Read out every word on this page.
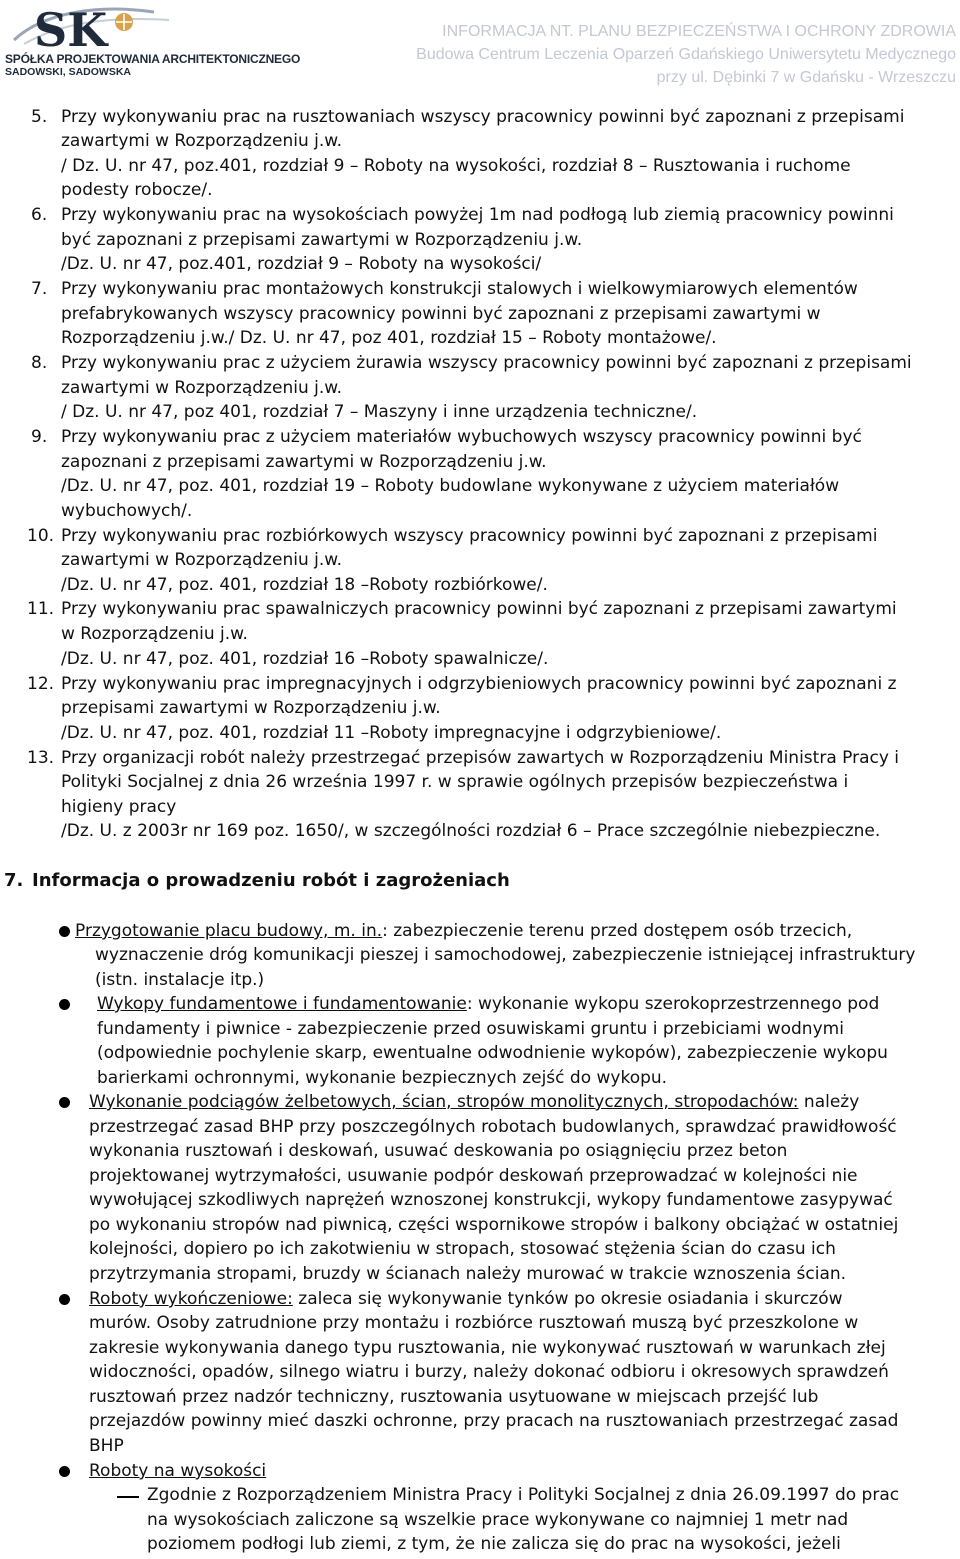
SK
SPÓŁKA PROJEKTOWANIA ARCHITEKTONICZNEGO
SADOWSKI, SADOWSKA
INFORMACJA NT. PLANU BEZPIECZEŃSTWA I OCHRONY ZDROWIA
Budowa Centrum Leczenia Oparzeń Gdańskiego Uniwersytetu Medycznego
przy ul. Dębinki 7 w Gdańsku - Wrzeszczu
5. Przy wykonywaniu prac na rusztowaniach wszyscy pracownicy powinni być zapoznani z przepisami
zawartymi w Rozporządzeniu j.w.
/ Dz. U. nr 47, poz.401, rozdział 9 – Roboty na wysokości, rozdział 8 – Rusztowania i ruchome
podesty robocze/.
6. Przy wykonywaniu prac na wysokościach powyżej 1m nad podłogą lub ziemią pracownicy powinni
być zapoznani z przepisami zawartymi w Rozporządzeniu j.w.
/Dz. U. nr 47, poz.401, rozdział 9 – Roboty na wysokości/
7. Przy wykonywaniu prac montażowych konstrukcji stalowych i wielkowymiarowych elementów
prefabrykowanych wszyscy pracownicy powinni być zapoznani z przepisami zawartymi w
Rozporządzeniu j.w./ Dz. U. nr 47, poz 401, rozdział 15 – Roboty montażowe/.
8. Przy wykonywaniu prac z użyciem żurawia wszyscy pracownicy powinni być zapoznani z przepisami
zawartymi w Rozporządzeniu j.w.
/ Dz. U. nr 47, poz 401, rozdział 7 – Maszyny i inne urządzenia techniczne/.
9. Przy wykonywaniu prac z użyciem materiałów wybuchowych wszyscy pracownicy powinni być
zapoznani z przepisami zawartymi w Rozporządzeniu j.w.
/Dz. U. nr 47, poz. 401, rozdział 19 – Roboty budowlane wykonywane z użyciem materiałów
wybuchowych/.
10. Przy wykonywaniu prac rozbiórkowych wszyscy pracownicy powinni być zapoznani z przepisami
zawartymi w Rozporządzeniu j.w.
/Dz. U. nr 47, poz. 401, rozdział 18 –Roboty rozbiórkowe/.
11. Przy wykonywaniu prac spawalniczych pracownicy powinni być zapoznani z przepisami zawartymi
w Rozporządzeniu j.w.
/Dz. U. nr 47, poz. 401, rozdział 16 –Roboty spawalnicze/.
12. Przy wykonywaniu prac impregnacyjnych i odgrzybieniowych pracownicy powinni być zapoznani z
przepisami zawartymi w Rozporządzeniu j.w.
/Dz. U. nr 47, poz. 401, rozdział 11 –Roboty impregnacyjne i odgrzybieniowe/.
13. Przy organizacji robót należy przestrzegać przepisów zawartych w Rozporządzeniu Ministra Pracy i
Polityki Socjalnej z dnia 26 września 1997 r. w sprawie ogólnych przepisów bezpieczeństwa i
higieny pracy
/Dz. U. z 2003r nr 169 poz. 1650/, w szczególności rozdział 6 – Prace szczególnie niebezpieczne.
7. Informacja o prowadzeniu robót i zagrożeniach
Przygotowanie placu budowy, m. in.: zabezpieczenie terenu przed dostępem osób trzecich,
wyznaczenie dróg komunikacji pieszej i samochodowej, zabezpieczenie istniejącej infrastruktury
(istn. instalacje itp.)
Wykopy fundamentowe i fundamentowanie: wykonanie wykopu szerokoprzestrzennego pod
fundamenty i piwnice - zabezpieczenie przed osuwiskami gruntu i przebiciami wodnymi
(odpowiednie pochylenie skarp, ewentualne odwodnienie wykopów), zabezpieczenie wykopu
barierkami ochronnymi, wykonanie bezpiecznych zejść do wykopu.
Wykonanie podciągów żelbetowych, ścian, stropów monolitycznych, stropodachów: należy
przestrzegać zasad BHP przy poszczególnych robotach budowlanych, sprawdzać prawidłowość
wykonania rusztowań i deskowań, usuwać deskowania po osiągnięciu przez beton
projektowanej wytrzymałości, usuwanie podpór deskowań przeprowadzać w kolejności nie
wywołującej szkodliwych naprężeń wznoszonej konstrukcji, wykopy fundamentowe zasypywać
po wykonaniu stropów nad piwnicą, części wspornikowe stropów i balkony obciążać w ostatniej
kolejności, dopiero po ich zakotwieniu w stropach, stosować stężenia ścian do czasu ich
przytrzymania stropami, bruzdy w ścianach należy murować w trakcie wznoszenia ścian.
Roboty wykończeniowe: zaleca się wykonywanie tynków po okresie osiadania i skurczów
murów. Osoby zatrudnione przy montażu i rozbiórce rusztowań muszą być przeszkolone w
zakresie wykonywania danego typu rusztowania, nie wykonywać rusztowań w warunkach złej
widoczności, opadów, silnego wiatru i burzy, należy dokonać odbioru i okresowych sprawdzeń
rusztowań przez nadzór techniczny, rusztowania usytuowane w miejscach przejść lub
przejazdów powinny mieć daszki ochronne, przy pracach na rusztowaniach przestrzegać zasad
BHP
Roboty na wysokości
Zgodnie z Rozporządzeniem Ministra Pracy i Polityki Socjalnej z dnia 26.09.1997 do prac
na wysokościach zaliczone są wszelkie prace wykonywane co najmniej 1 metr nad
poziomem podłogi lub ziemi, z tym, że nie zalicza się do prac na wysokości, jeżeli
